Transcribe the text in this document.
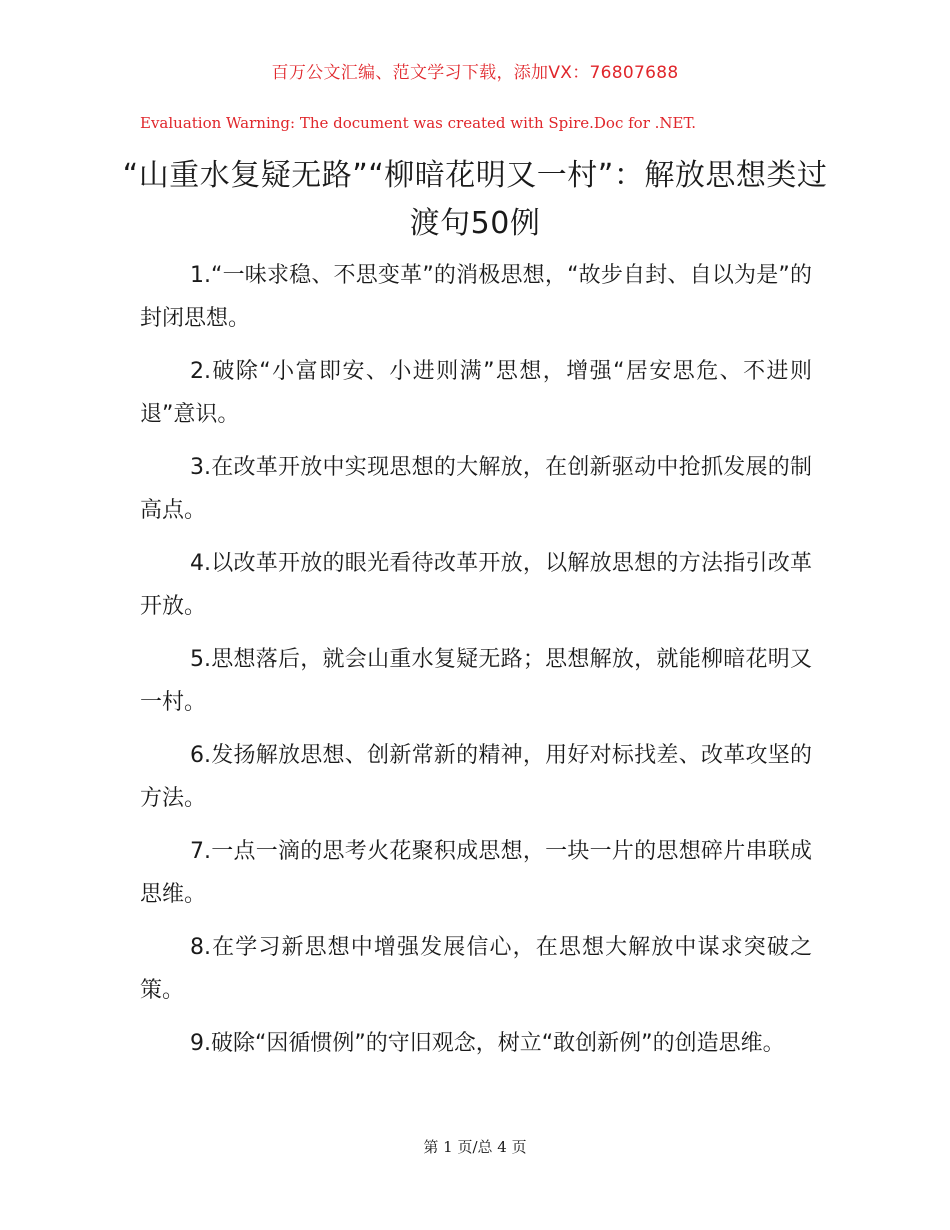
百万公文汇编、范文学习下载，添加VX：76807688
Evaluation Warning: The document was created with Spire.Doc for .NET.
“山重水复疑无路”“柳暗花明又一村”：解放思想类过渡句50例
1.“一味求稳、不思变革”的消极思想，“故步自封、自以为是”的封闭思想。
2.破除“小富即安、小进则满”思想，增强“居安思危、不进则退”意识。
3.在改革开放中实现思想的大解放，在创新驱动中抢抓发展的制高点。
4.以改革开放的眼光看待改革开放，以解放思想的方法指引改革开放。
5.思想落后，就会山重水复疑无路；思想解放，就能柳暗花明又一村。
6.发扬解放思想、创新常新的精神，用好对标找差、改革攻坚的方法。
7.一点一滴的思考火花聚积成思想，一块一片的思想碎片串联成思维。
8.在学习新思想中增强发展信心，在思想大解放中谋求突破之策。
9.破除“因循惯例”的守旧观念，树立“敢创新例”的创造思维。
第 1 页/总 4 页
